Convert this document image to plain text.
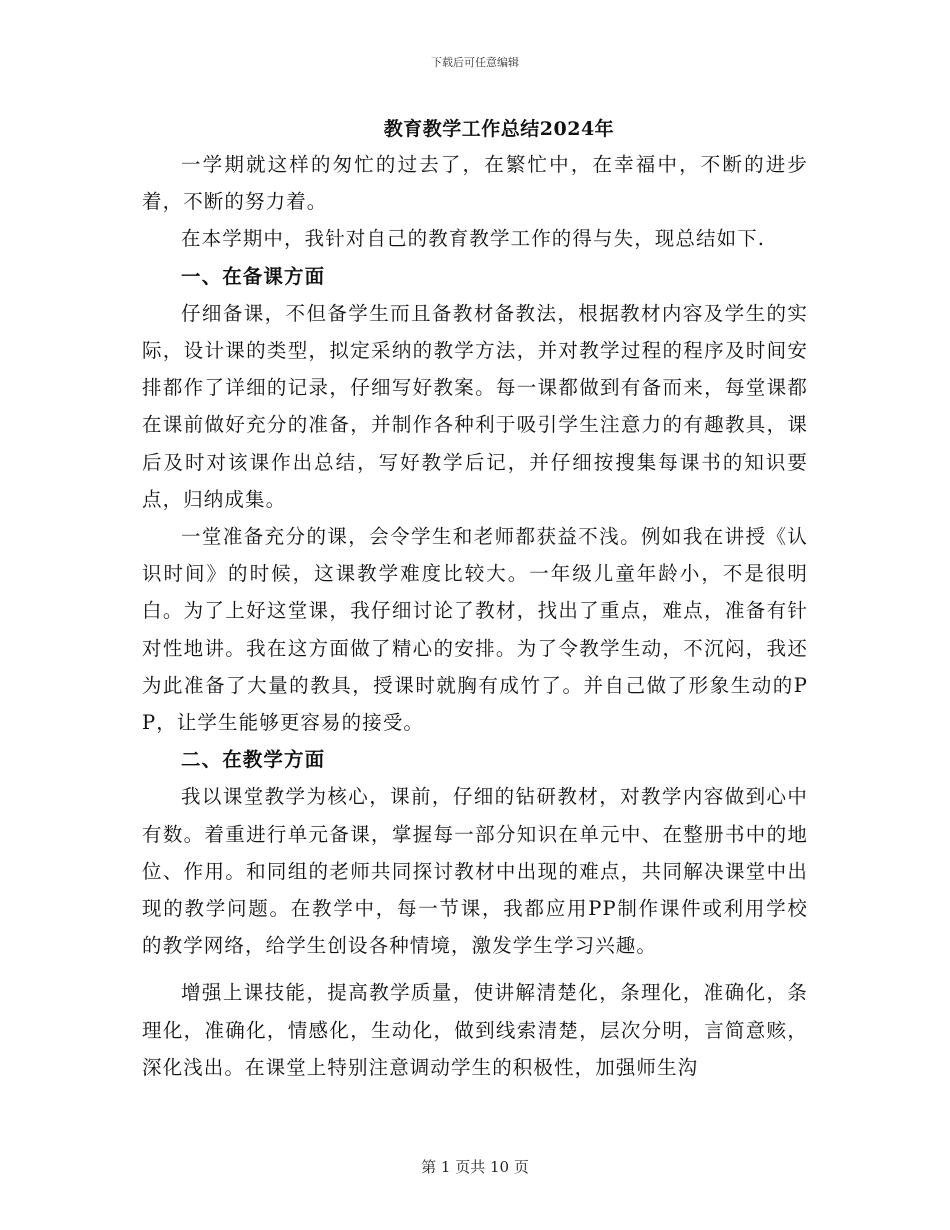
下载后可任意编辑
教育教学工作总结2024年

一学期就这样的匆忙的过去了，在繁忙中，在幸福中，不断的进步着，不断的努力着。

在本学期中，我针对自己的教育教学工作的得与失，现总结如下.

一、在备课方面

仔细备课，不但备学生而且备教材备教法，根据教材内容及学生的实际，设计课的类型，拟定采纳的教学方法，并对教学过程的程序及时间安排都作了详细的记录，仔细写好教案。每一课都做到有备而来，每堂课都在课前做好充分的准备，并制作各种利于吸引学生注意力的有趣教具，课后及时对该课作出总结，写好教学后记，并仔细按搜集每课书的知识要点，归纳成集。

一堂准备充分的课，会令学生和老师都获益不浅。例如我在讲授《认识时间》的时候，这课教学难度比较大。一年级儿童年龄小，不是很明白。为了上好这堂课，我仔细讨论了教材，找出了重点，难点，准备有针对性地讲。我在这方面做了精心的安排。为了令教学生动，不沉闷，我还为此准备了大量的教具，授课时就胸有成竹了。并自己做了形象生动的PP，让学生能够更容易的接受。

二、在教学方面

我以课堂教学为核心，课前，仔细的钻研教材，对教学内容做到心中有数。着重进行单元备课，掌握每一部分知识在单元中、在整册书中的地位、作用。和同组的老师共同探讨教材中出现的难点，共同解决课堂中出现的教学问题。在教学中，每一节课，我都应用PP制作课件或利用学校的教学网络，给学生创设各种情境，激发学生学习兴趣。

增强上课技能，提高教学质量，使讲解清楚化，条理化，准确化，条理化，准确化，情感化，生动化，做到线索清楚，层次分明，言简意赅，深化浅出。在课堂上特别注意调动学生的积极性，加强师生沟

第 1 页共 10 页
